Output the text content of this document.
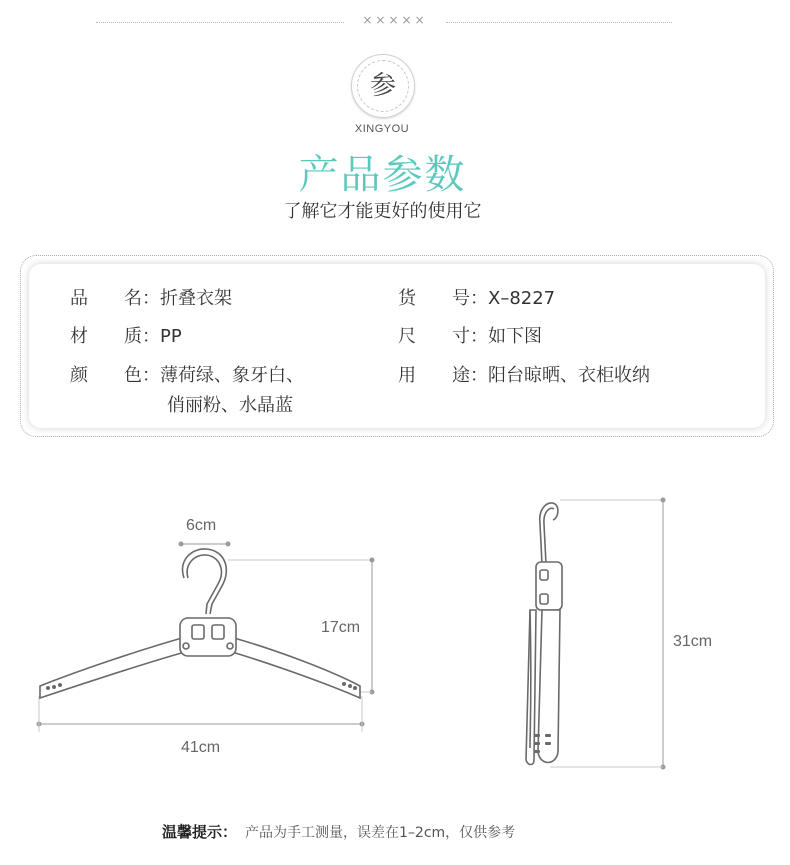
×××××
参
XINGYOU
产品参数
了解它才能更好的使用它
品　　名：折叠衣架
材　　质：PP
颜　　色：薄荷绿、象牙白、
俏丽粉、水晶蓝
货　　号：X–8227
尺　　寸：如下图
用　　途：阳台晾晒、衣柜收纳
6cm
17cm
41cm
31cm
温馨提示： 产品为手工测量，误差在1–2cm，仅供参考
